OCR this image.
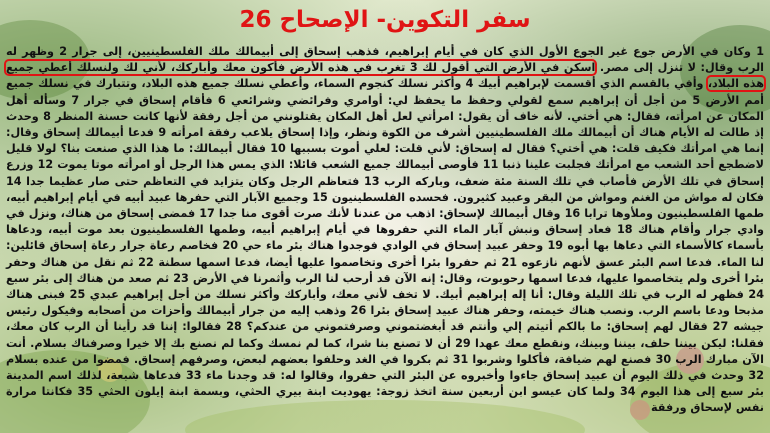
سفر التكوين- الإصحاح 26

1 وكان في الأرض جوع غير الجوع الأول الذي كان في أيام إبراهيم، فذهب إسحاق إلى أبيمالك ملك الفلسطينيين، إلى جرار 2 وظهر له الرب وقال: لا تنزل إلى مصر. اسكن في الأرض التي أقول لك 3 تغرب في هذه الأرض فأكون معك وأباركك، لأني لك ولنسلك أعطي جميع هذه البلاد، وأفي بالقسم الذي أقسمت لإبراهيم أبيك 4 وأكثر نسلك كنجوم السماء، وأعطي نسلك جميع هذه البلاد، وتتبارك في نسلك جميع أمم الأرض 5 من أجل أن إبراهيم سمع لقولي وحفظ ما يحفظ لي: أوامري وفرائضي وشرائعي 6 فأقام إسحاق في جرار 7 وسأله أهل المكان عن امرأته، فقال: هي أختي. لأنه خاف أن يقول: امرأتي لعل أهل المكان يقتلونني من أجل رفقة لأنها كانت حسنة المنظر 8 وحدث إذ طالت له الأيام هناك أن أبيمالك ملك الفلسطينيين أشرف من الكوة ونظر، وإذا إسحاق يلاعب رفقة امرأته 9 فدعا أبيمالك إسحاق وقال: إنما هي امرأتك فكيف قلت: هي أختي؟ فقال له إسحاق: لأني قلت: لعلي أموت بسببها 10 فقال أبيمالك: ما هذا الذي صنعت بنا؟ لولا قليل لاضطجع أحد الشعب مع امرأتك فجلبت علينا ذنبا 11 فأوصى أبيمالك جميع الشعب قائلا: الذي يمس هذا الرجل أو امرأته موتا يموت 12 وزرع إسحاق في تلك الأرض فأصاب في تلك السنة مئة ضعف، وباركه الرب 13 فتعاظم الرجل وكان يتزايد في التعاظم حتى صار عظيما جدا 14 فكان له مواش من الغنم ومواش من البقر وعبيد كثيرون. فحسده الفلسطينيون 15 وجميع الآبار التي حفرها عبيد أبيه في أيام إبراهيم أبيه، طمها الفلسطينيون وملأوها ترابا 16 وقال أبيمالك لإسحاق: اذهب من عندنا لأنك صرت أقوى منا جدا 17 فمضى إسحاق من هناك، ونزل في وادي جرار وأقام هناك 18 فعاد إسحاق ونبش آبار الماء التي حفروها في أيام إبراهيم أبيه، وطمها الفلسطينيون بعد موت أبيه، ودعاها بأسماء كالأسماء التي دعاها بها أبوه 19 وحفر عبيد إسحاق في الوادي فوجدوا هناك بئر ماء حي 20 فخاصم رعاة جرار رعاة إسحاق قائلين: لنا الماء. فدعا اسم البئر عسق لأنهم نازعوه 21 ثم حفروا بئرا أخرى وتخاصموا عليها أيضا، فدعا اسمها سطنة 22 ثم نقل من هناك وحفر بئرا أخرى ولم يتخاصموا عليها، فدعا اسمها رحوبوت، وقال: إنه الآن قد أرحب لنا الرب وأثمرنا في الأرض 23 ثم صعد من هناك إلى بئر سبع 24 فظهر له الرب في تلك الليلة وقال: أنا إله إبراهيم أبيك. لا تخف لأني معك، وأباركك وأكثر نسلك من أجل إبراهيم عبدي 25 فبنى هناك مذبحا ودعا باسم الرب. ونصب هناك خيمته، وحفر هناك عبيد إسحاق بئرا 26 وذهب إليه من جرار أبيمالك وأحزات من أصحابه وفيكول رئيس جيشه 27 فقال لهم إسحاق: ما بالكم أتيتم إلي وأنتم قد أبغضتموني وصرفتموني من عندكم؟ 28 فقالوا: إننا قد رأينا أن الرب كان معك، فقلنا: ليكن بيننا حلف، بيننا وبينك، ونقطع معك عهدا 29 أن لا تصنع بنا شرا، كما لم نمسك وكما لم نصنع بك إلا خيرا وصرفناك بسلام. أنت الآن مبارك الرب 30 فصنع لهم ضيافة، فأكلوا وشربوا 31 ثم بكروا في الغد وحلفوا بعضهم لبعض، وصرفهم إسحاق. فمضوا من عنده بسلام 32 وحدث في ذلك اليوم أن عبيد إسحاق جاءوا وأخبروه عن البئر التي حفروا، وقالوا له: قد وجدنا ماء 33 فدعاها شبعة، لذلك اسم المدينة بئر سبع إلى هذا اليوم 34 ولما كان عيسو ابن أربعين سنة اتخذ زوجة: يهوديت ابنة بيري الحثي، وبسمة ابنة إيلون الحثي 35 فكانتا مرارة نفس لإسحاق ورفقة
